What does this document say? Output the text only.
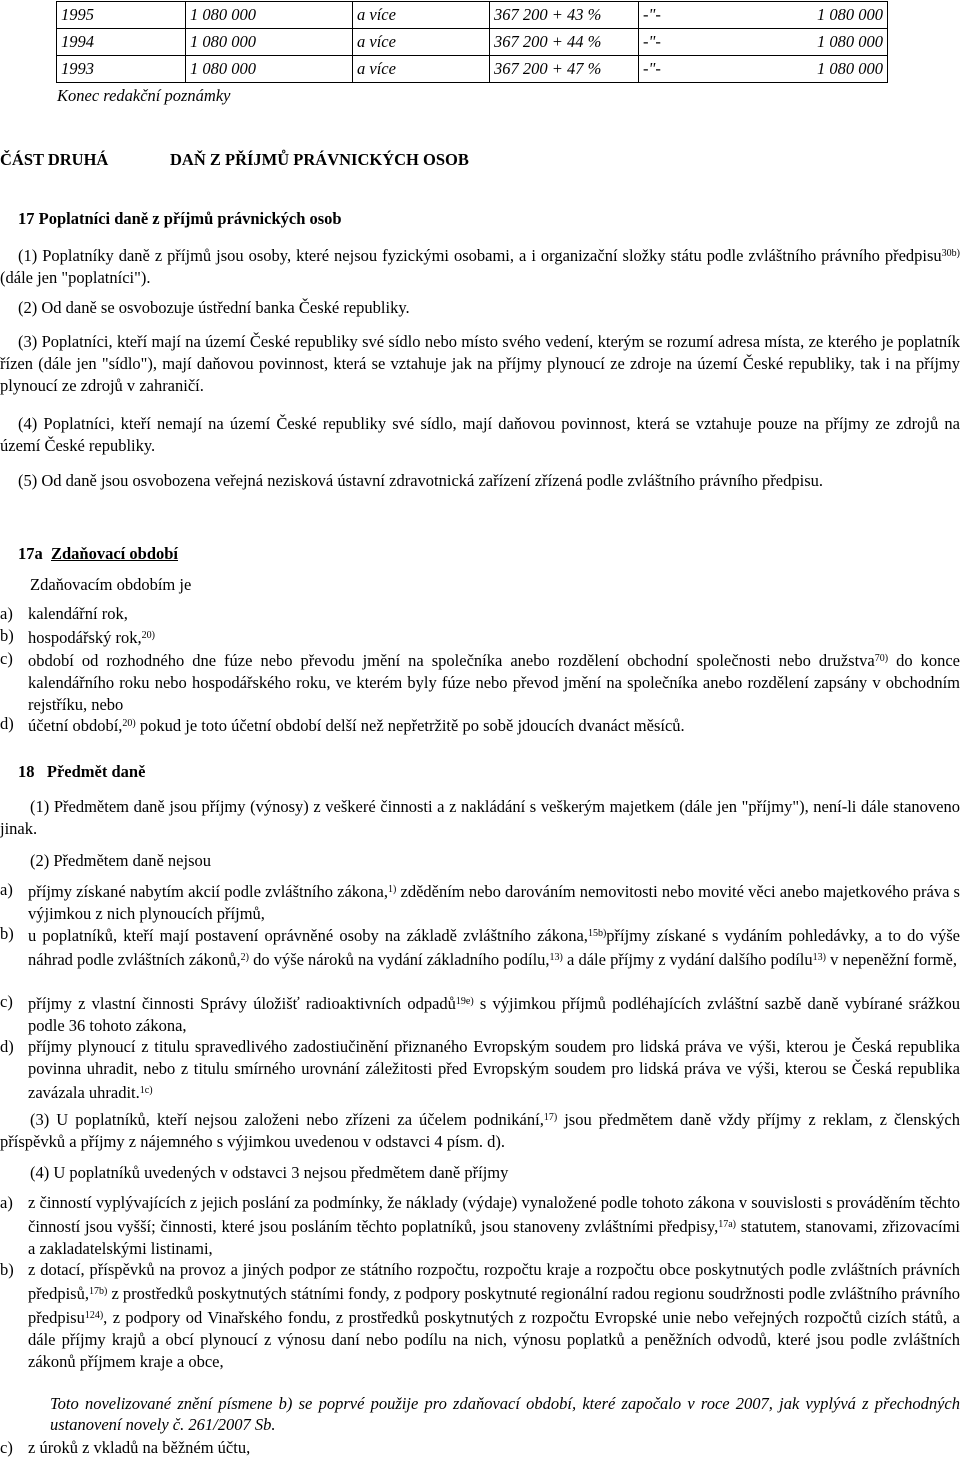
1995	1 080 000	a více	367 200 + 43 %	-"- 1 080 000

1994	1 080 000	a více	367 200 + 44 %	-"- 1 080 000

1993	1 080 000	a více	367 200 + 47 %	-"- 1 080 000
Konec redakční poznámky
ČÁST DRUHÁ	DAŇ Z PŘÍJMŮ PRÁVNICKÝCH OSOB
17 Poplatníci daně z příjmů právnických osob
(1) Poplatníky daně z příjmů jsou osoby, které nejsou fyzickými osobami, a i organizační složky státu podle zvláštního právního předpisu$^{30b)}$ (dále jen "poplatníci").
(2) Od daně se osvobozuje ústřední banka České republiky.
(3) Poplatníci, kteří mají na území České republiky své sídlo nebo místo svého vedení, kterým se rozumí adresa místa, ze kterého je poplatník řízen (dále jen "sídlo"), mají daňovou povinnost, která se vztahuje jak na příjmy plynoucí ze zdroje na území České republiky, tak i na příjmy plynoucí ze zdrojů v zahraničí.
(4) Poplatníci, kteří nemají na území České republiky své sídlo, mají daňovou povinnost, která se vztahuje pouze na příjmy ze zdrojů na území České republiky.
(5) Od daně jsou osvobozena veřejná nezisková ústavní zdravotnická zařízení zřízená podle zvláštního právního předpisu.
17a Zdaňovací období
Zdaňovacím obdobím je
a) kalendářní rok,
b) hospodářský rok,$^{20)}$
c) období od rozhodného dne fúze nebo převodu jmění na společníka anebo rozdělení obchodní společnosti nebo družstva$^{70)}$ do konce kalendářního roku nebo hospodářského roku, ve kterém byly fúze nebo převod jmění na společníka anebo rozdělení zapsány v obchodním rejstříku, nebo
d) účetní období,$^{20)}$ pokud je toto účetní období delší než nepřetržitě po sobě jdoucích dvanáct měsíců.
18 Předmět daně
(1) Předmětem daně jsou příjmy (výnosy) z veškeré činnosti a z nakládání s veškerým majetkem (dále jen "příjmy"), není-li dále stanoveno jinak.
(2) Předmětem daně nejsou
a) příjmy získané nabytím akcií podle zvláštního zákona,$^{1)}$ zděděním nebo darováním nemovitosti nebo movité věci anebo majetkového práva s výjimkou z nich plynoucích příjmů,
b) u poplatníků, kteří mají postavení oprávněné osoby na základě zvláštního zákona,$^{15b)}$příjmy získané s vydáním pohledávky, a to do výše náhrad podle zvláštních zákonů,$^{2)}$ do výše nároků na vydání základního podílu,$^{13)}$ a dále příjmy z vydání dalšího podílu$^{13)}$ v nepeněžní formě,
c) příjmy z vlastní činnosti Správy úložišť radioaktivních odpadů$^{19e)}$ s výjimkou příjmů podléhajících zvláštní sazbě daně vybírané srážkou podle 36 tohoto zákona,
d) příjmy plynoucí z titulu spravedlivého zadostiučinění přiznaného Evropským soudem pro lidská práva ve výši, kterou je Česká republika povinna uhradit, nebo z titulu smírného urovnání záležitosti před Evropským soudem pro lidská práva ve výši, kterou se Česká republika zavázala uhradit.$^{1c)}$
(3) U poplatníků, kteří nejsou založeni nebo zřízeni za účelem podnikání,$^{17)}$ jsou předmětem daně vždy příjmy z reklam, z členských příspěvků a příjmy z nájemného s výjimkou uvedenou v odstavci 4 písm. d).
(4) U poplatníků uvedených v odstavci 3 nejsou předmětem daně příjmy
a) z činností vyplývajících z jejich poslání za podmínky, že náklady (výdaje) vynaložené podle tohoto zákona v souvislosti s prováděním těchto činností jsou vyšší; činnosti, které jsou posláním těchto poplatníků, jsou stanoveny zvláštními předpisy,$^{17a)}$ statutem, stanovami, zřizovacími a zakladatelskými listinami,
b) z dotací, příspěvků na provoz a jiných podpor ze státního rozpočtu, rozpočtu kraje a rozpočtu obce poskytnutých podle zvláštních právních předpisů,$^{17b)}$ z prostředků poskytnutých státními fondy, z podpory poskytnuté regionální radou regionu soudržnosti podle zvláštního právního předpisu$^{124)}$, z podpory od Vinařského fondu, z prostředků poskytnutých z rozpočtu Evropské unie nebo veřejných rozpočtů cizích států, a dále příjmy krajů a obcí plynoucí z výnosu daní nebo podílu na nich, výnosu poplatků a peněžních odvodů, které jsou podle zvláštních zákonů příjmem kraje a obce,
Toto novelizované znění písmene b) se poprvé použije pro zdaňovací období, které započalo v roce 2007, jak vyplývá z přechodných ustanovení novely č. 261/2007 Sb.
c) z úroků z vkladů na běžném účtu,
